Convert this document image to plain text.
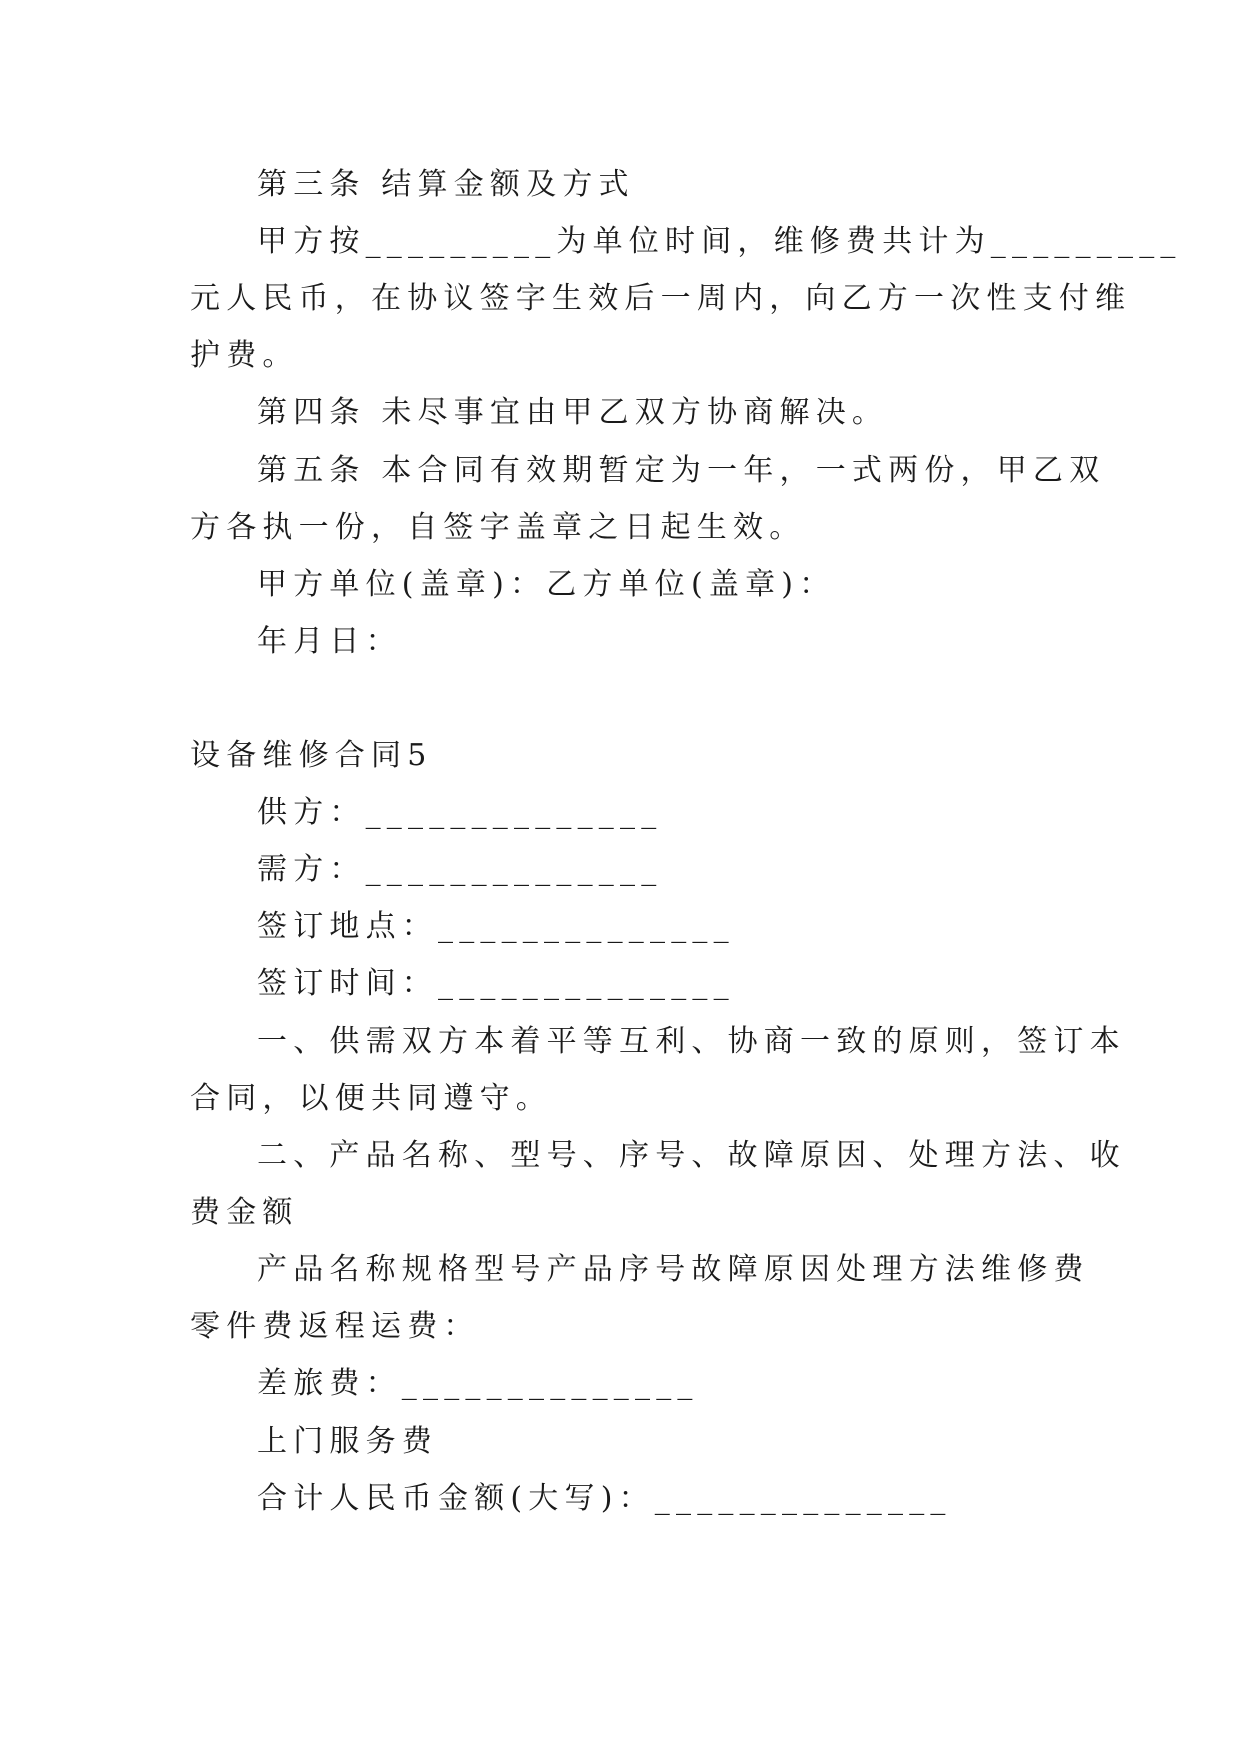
第三条 结算金额及方式
甲方按_________为单位时间，维修费共计为_________
元人民币，在协议签字生效后一周内，向乙方一次性支付维
护费。
第四条 未尽事宜由甲乙双方协商解决。
第五条 本合同有效期暂定为一年，一式两份，甲乙双
方各执一份，自签字盖章之日起生效。
甲方单位(盖章)：乙方单位(盖章)：
年月日：
设备维修合同5
供方：______________
需方：______________
签订地点：______________
签订时间：______________
一、供需双方本着平等互利、协商一致的原则，签订本
合同，以便共同遵守。
二、产品名称、型号、序号、故障原因、处理方法、收
费金额
产品名称规格型号产品序号故障原因处理方法维修费
零件费返程运费：
差旅费：______________
上门服务费
合计人民币金额(大写)：______________
